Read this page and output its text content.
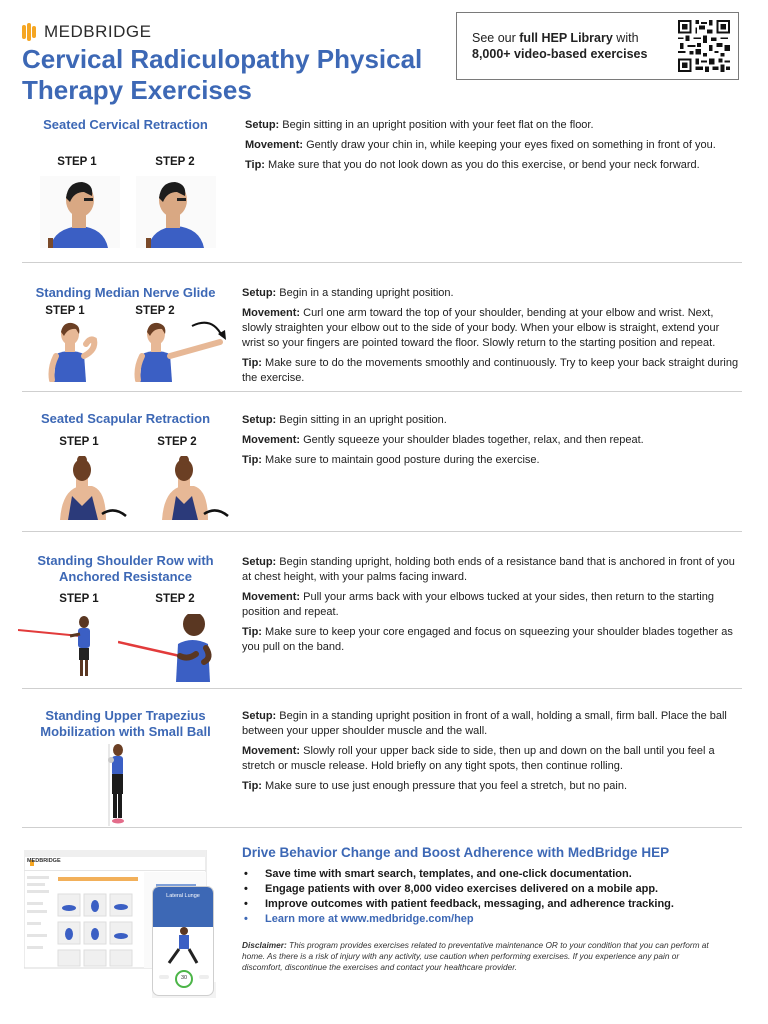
MEDBRIDGE
Cervical Radiculopathy Physical Therapy Exercises
See our full HEP Library with
8,000+ video-based exercises
Seated Cervical Retraction
STEP 1	STEP 2

Setup: Begin sitting in an upright position with your feet flat on the floor.

Movement: Gently draw your chin in, while keeping your eyes fixed on something in front of you.

Tip: Make sure that you do not look down as you do this exercise, or bend your neck forward.

Standing Median Nerve Glide
STEP 1	STEP 2

Setup: Begin in a standing upright position.

Movement: Curl one arm toward the top of your shoulder, bending at your elbow and wrist. Next, slowly straighten your elbow out to the side of your body. When your elbow is straight, extend your wrist so your fingers are pointed toward the floor. Slowly return to the starting position and repeat.

Tip: Make sure to do the movements smoothly and continuously. Try to keep your back straight during the exercise.

Seated Scapular Retraction
STEP 1	STEP 2

Setup: Begin sitting in an upright position.

Movement: Gently squeeze your shoulder blades together, relax, and then repeat.

Tip: Make sure to maintain good posture during the exercise.

Standing Shoulder Row with Anchored Resistance
STEP 1	STEP 2

Setup: Begin standing upright, holding both ends of a resistance band that is anchored in front of you at chest height, with your palms facing inward.

Movement: Pull your arms back with your elbows tucked at your sides, then return to the starting position and repeat.

Tip: Make sure to keep your core engaged and focus on squeezing your shoulder blades together as you pull on the band.

Standing Upper Trapezius Mobilization with Small Ball

Setup: Begin in a standing upright position in front of a wall, holding a small, firm ball. Place the ball between your upper shoulder muscle and the wall.

Movement: Slowly roll your upper back side to side, then up and down on the ball until you feel a stretch or muscle release. Hold briefly on any tight spots, then continue rolling.

Tip: Make sure to use just enough pressure that you feel a stretch, but no pain.

MEDBRIDGE
Lateral Lunge
30
Drive Behavior Change and Boost Adherence with MedBridge HEP
• Save time with smart search, templates, and one-click documentation.
• Engage patients with over 8,000 video exercises delivered on a mobile app.
• Improve outcomes with patient feedback, messaging, and adherence tracking.
• Learn more at www.medbridge.com/hep
Disclaimer: This program provides exercises related to preventative maintenance OR to your condition that you can perform at home. As there is a risk of injury with any activity, use caution when performing exercises. If you experience any pain or discomfort, discontinue the exercises and contact your healthcare provider.
